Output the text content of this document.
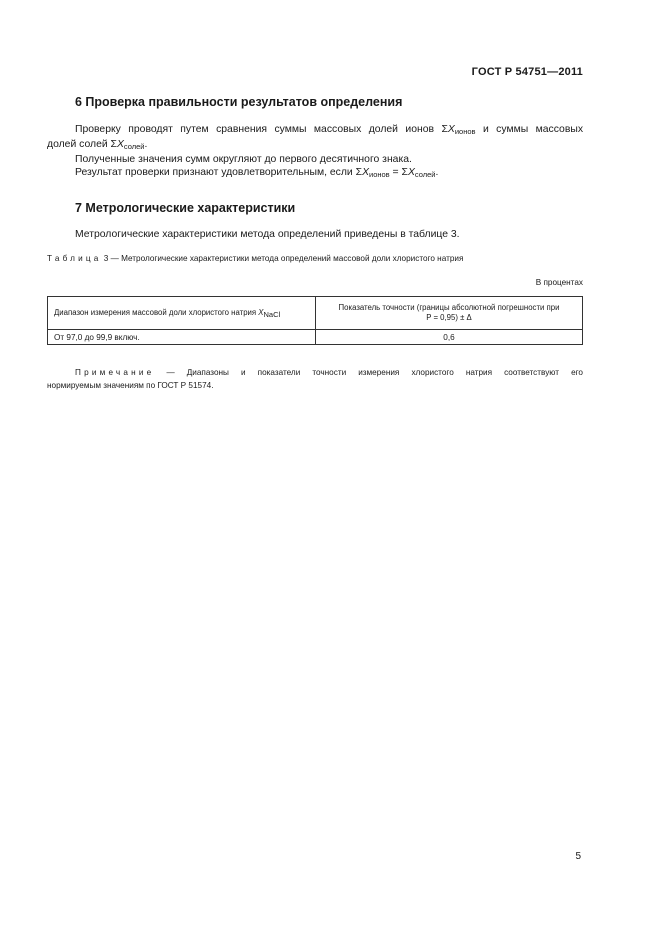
ГОСТ Р 54751—2011
6 Проверка правильности результатов определения
Проверку проводят путем сравнения суммы массовых долей ионов $\Sigma X_{ионов}$ и суммы массовых
долей солей $\Sigma X_{солей}$.
Полученные значения сумм округляют до первого десятичного знака.
Результат проверки признают удовлетворительным, если $\Sigma X_{ионов} = \Sigma X_{солей}$.
7 Метрологические характеристики
Метрологические характеристики метода определений приведены в таблице 3.
Таблица 3 — Метрологические характеристики метода определений массовой доли хлористого натрия
В процентах
Диапазон измерения массовой доли хлористого натрия $X_{NaCl}$	Показатель точности (границы абсолютной погрешности при
P = 0,95) ± Δ

От 97,0 до 99,9 включ.	0,6
Примечание — Диапазоны и показатели точности измерения хлористого натрия соответствуют его
нормируемым значениям по ГОСТ Р 51574.
5
